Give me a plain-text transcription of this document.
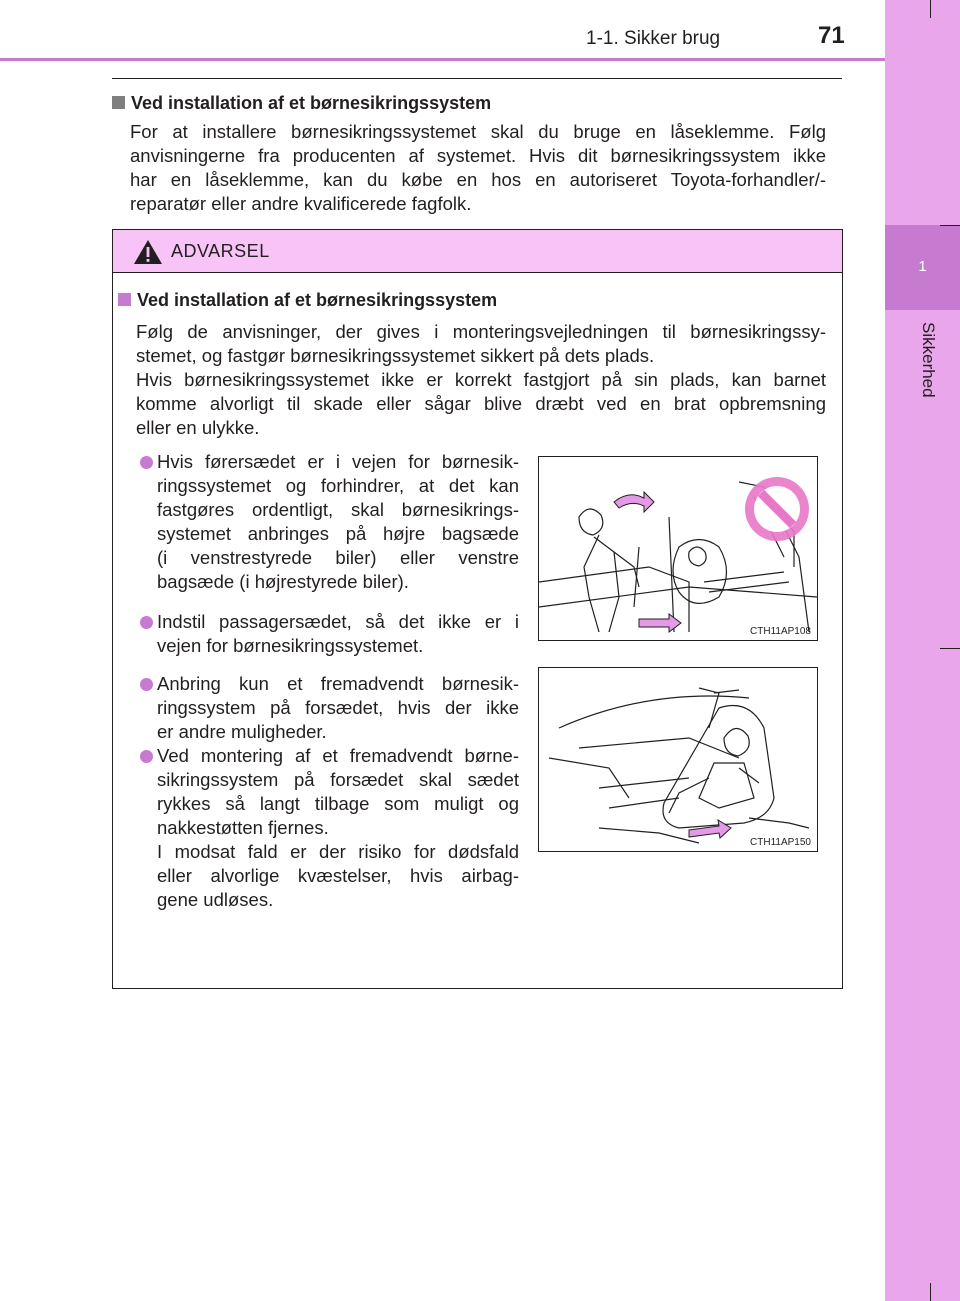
1
Sikkerhed
1-1. Sikker brug	71
Ved installation af et børnesikringssystem
For at installere børnesikringssystemet skal du bruge en låseklemme. Følg
anvisningerne fra producenten af systemet. Hvis dit børnesikringssystem ikke
har en låseklemme, kan du købe en hos en autoriseret Toyota-forhandler/-
reparatør eller andre kvalificerede fagfolk.
ADVARSEL
Ved installation af et børnesikringssystem
Følg de anvisninger, der gives i monteringsvejledningen til børnesikringssy-
stemet, og fastgør børnesikringssystemet sikkert på dets plads.
Hvis børnesikringssystemet ikke er korrekt fastgjort på sin plads, kan barnet
komme alvorligt til skade eller sågar blive dræbt ved en brat opbremsning
eller en ulykke.
Hvis førersædet er i vejen for børnesik-
ringssystemet og forhindrer, at det kan
fastgøres ordentligt, skal børnesikrings-
systemet anbringes på højre bagsæde
(i venstrestyrede biler) eller venstre
bagsæde (i højrestyrede biler).
Indstil passagersædet, så det ikke er i
vejen for børnesikringssystemet.
Anbring kun et fremadvendt børnesik-
ringssystem på forsædet, hvis der ikke
er andre muligheder.
Ved montering af et fremadvendt børne-
sikringssystem på forsædet skal sædet
rykkes så langt tilbage som muligt og
nakkestøtten fjernes.
I modsat fald er der risiko for dødsfald
eller alvorlige kvæstelser, hvis airbag-
gene udløses.
CTH11AP108
CTH11AP150
